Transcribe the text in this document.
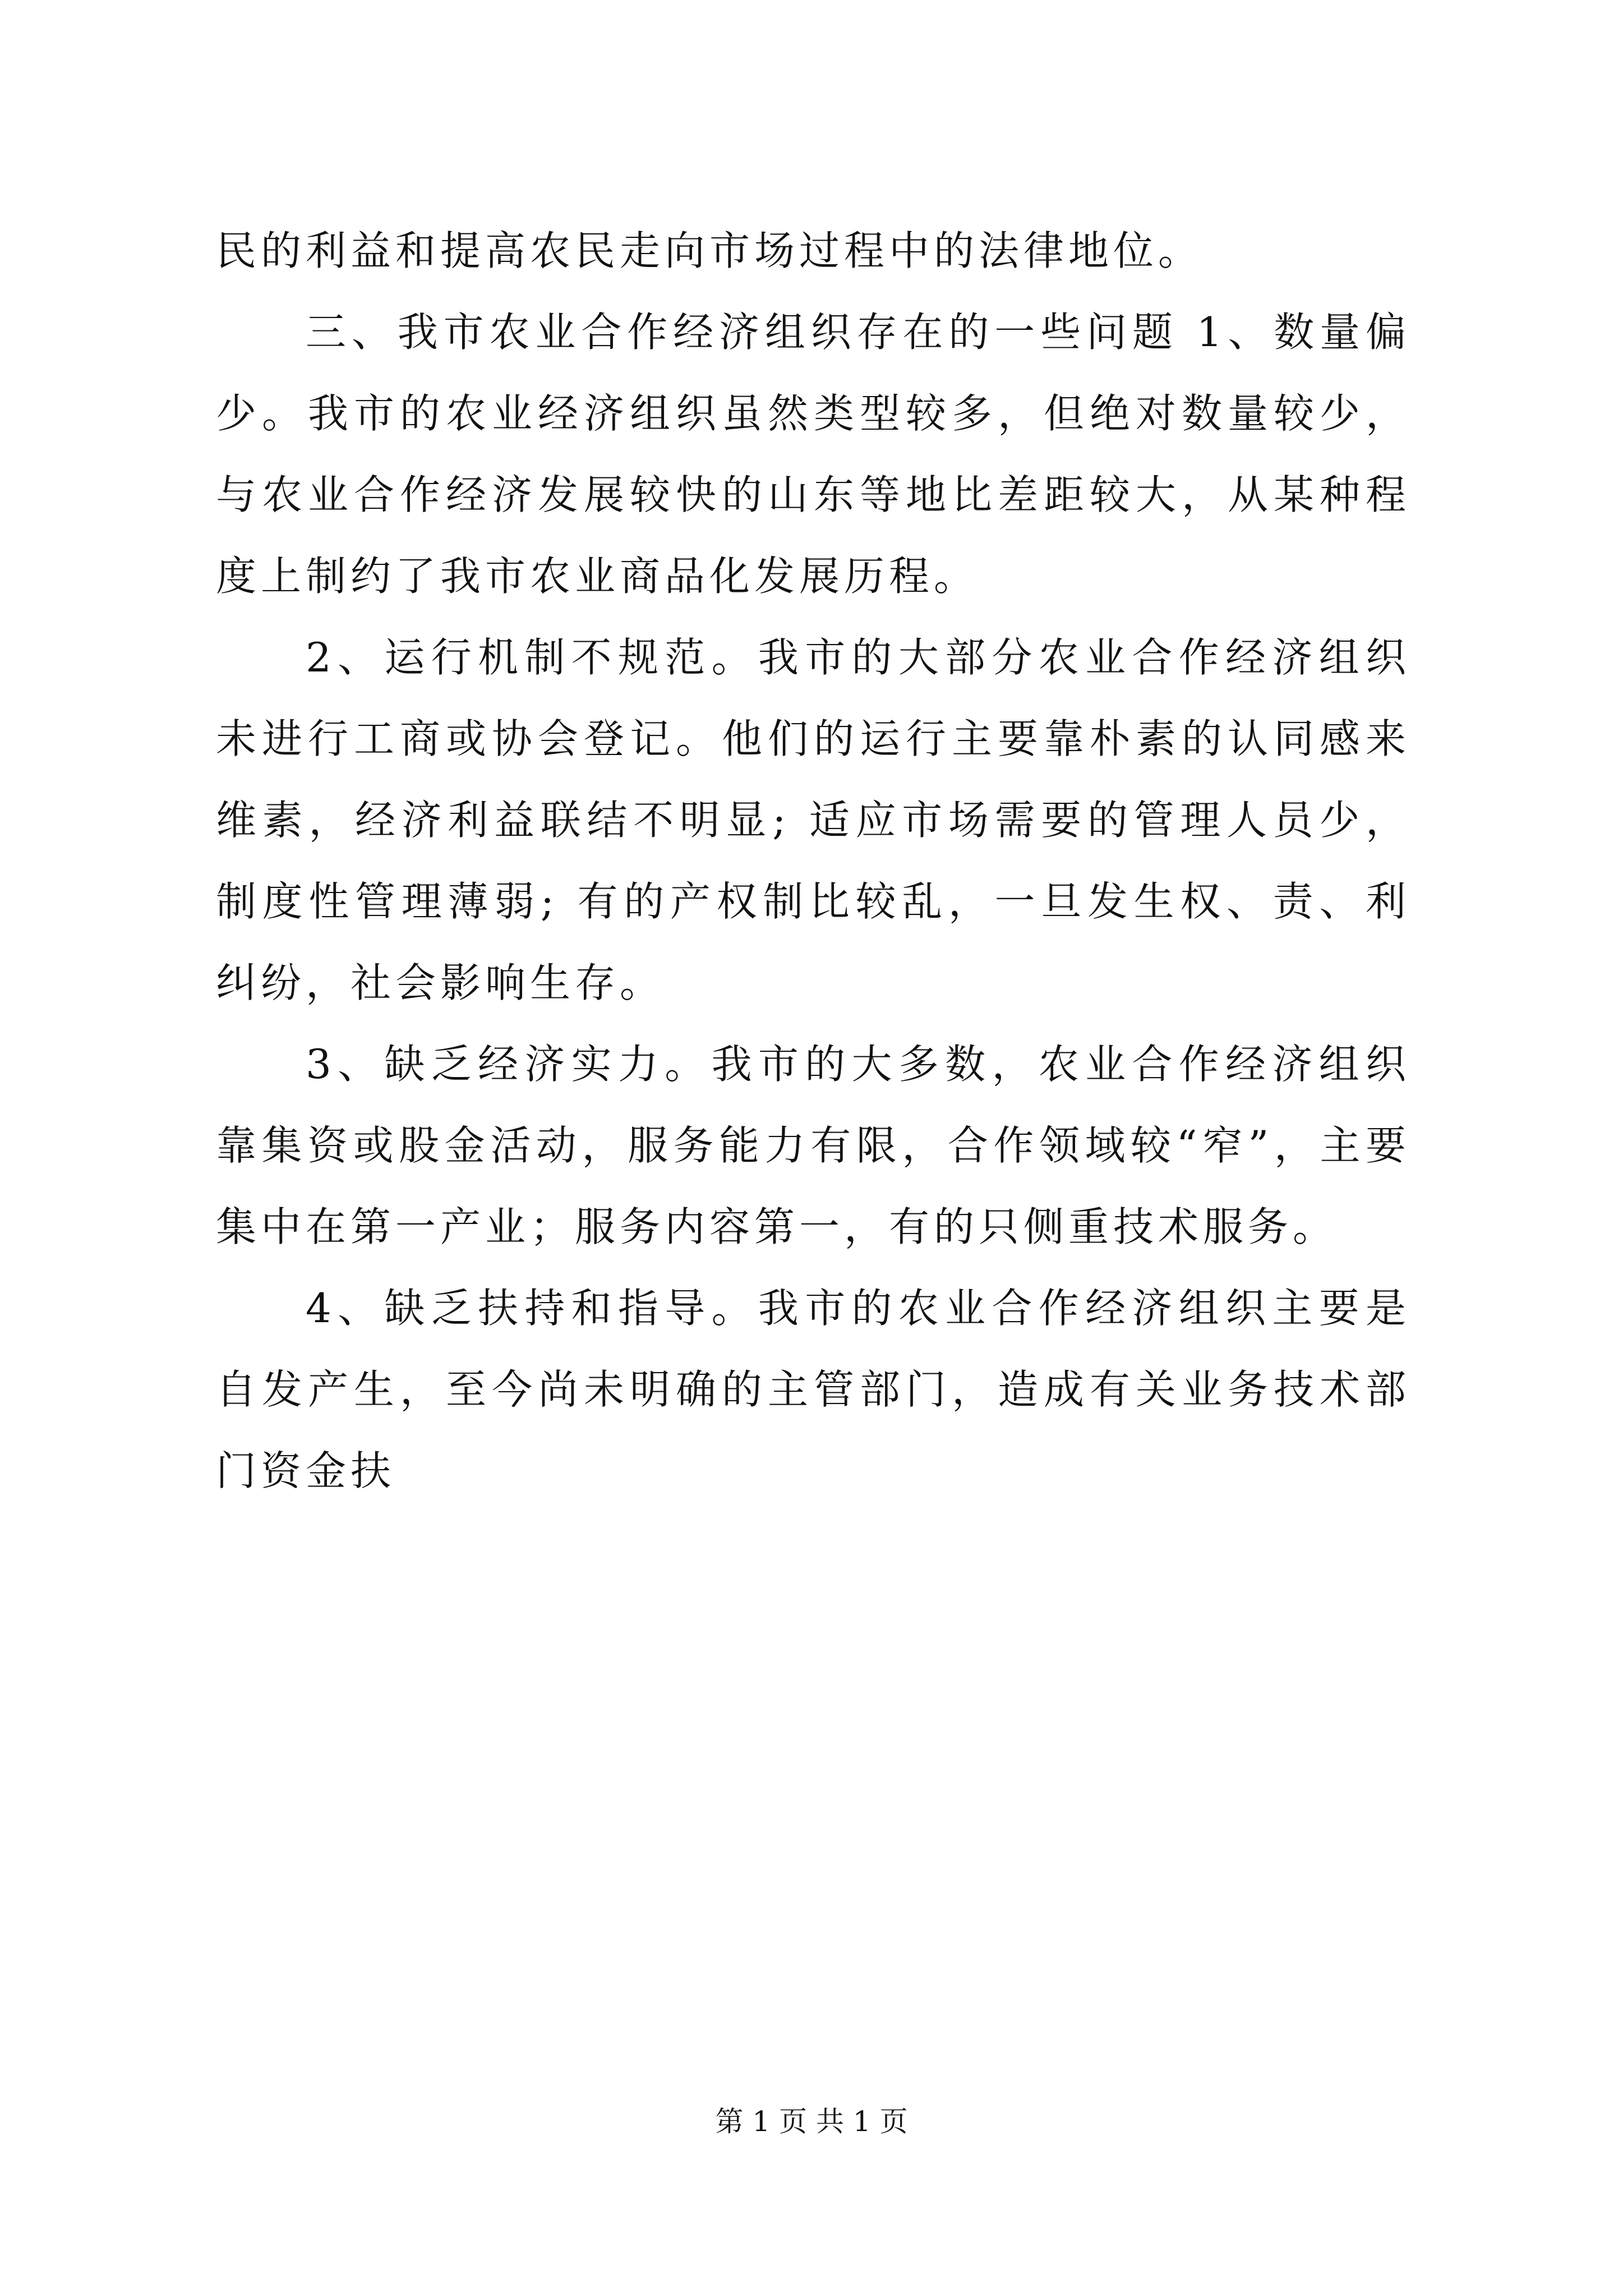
民的利益和提高农民走向市场过程中的法律地位。

三、我市农业合作经济组织存在的一些问题 1、数量偏少。我市的农业经济组织虽然类型较多，但绝对数量较少，与农业合作经济发展较快的山东等地比差距较大，从某种程度上制约了我市农业商品化发展历程。

2、运行机制不规范。我市的大部分农业合作经济组织未进行工商或协会登记。他们的运行主要靠朴素的认同感来维素，经济利益联结不明显; 适应市场需要的管理人员少，制度性管理薄弱; 有的产权制比较乱，一旦发生权、责、利纠纷，社会影响生存。

3、缺乏经济实力。我市的大多数，农业合作经济组织靠集资或股金活动，服务能力有限，合作领域较“窄”，主要集中在第一产业；服务内容第一，有的只侧重技术服务。

4、缺乏扶持和指导。我市的农业合作经济组织主要是自发产生，至今尚未明确的主管部门，造成有关业务技术部门资金扶

第 1 页 共 1 页
